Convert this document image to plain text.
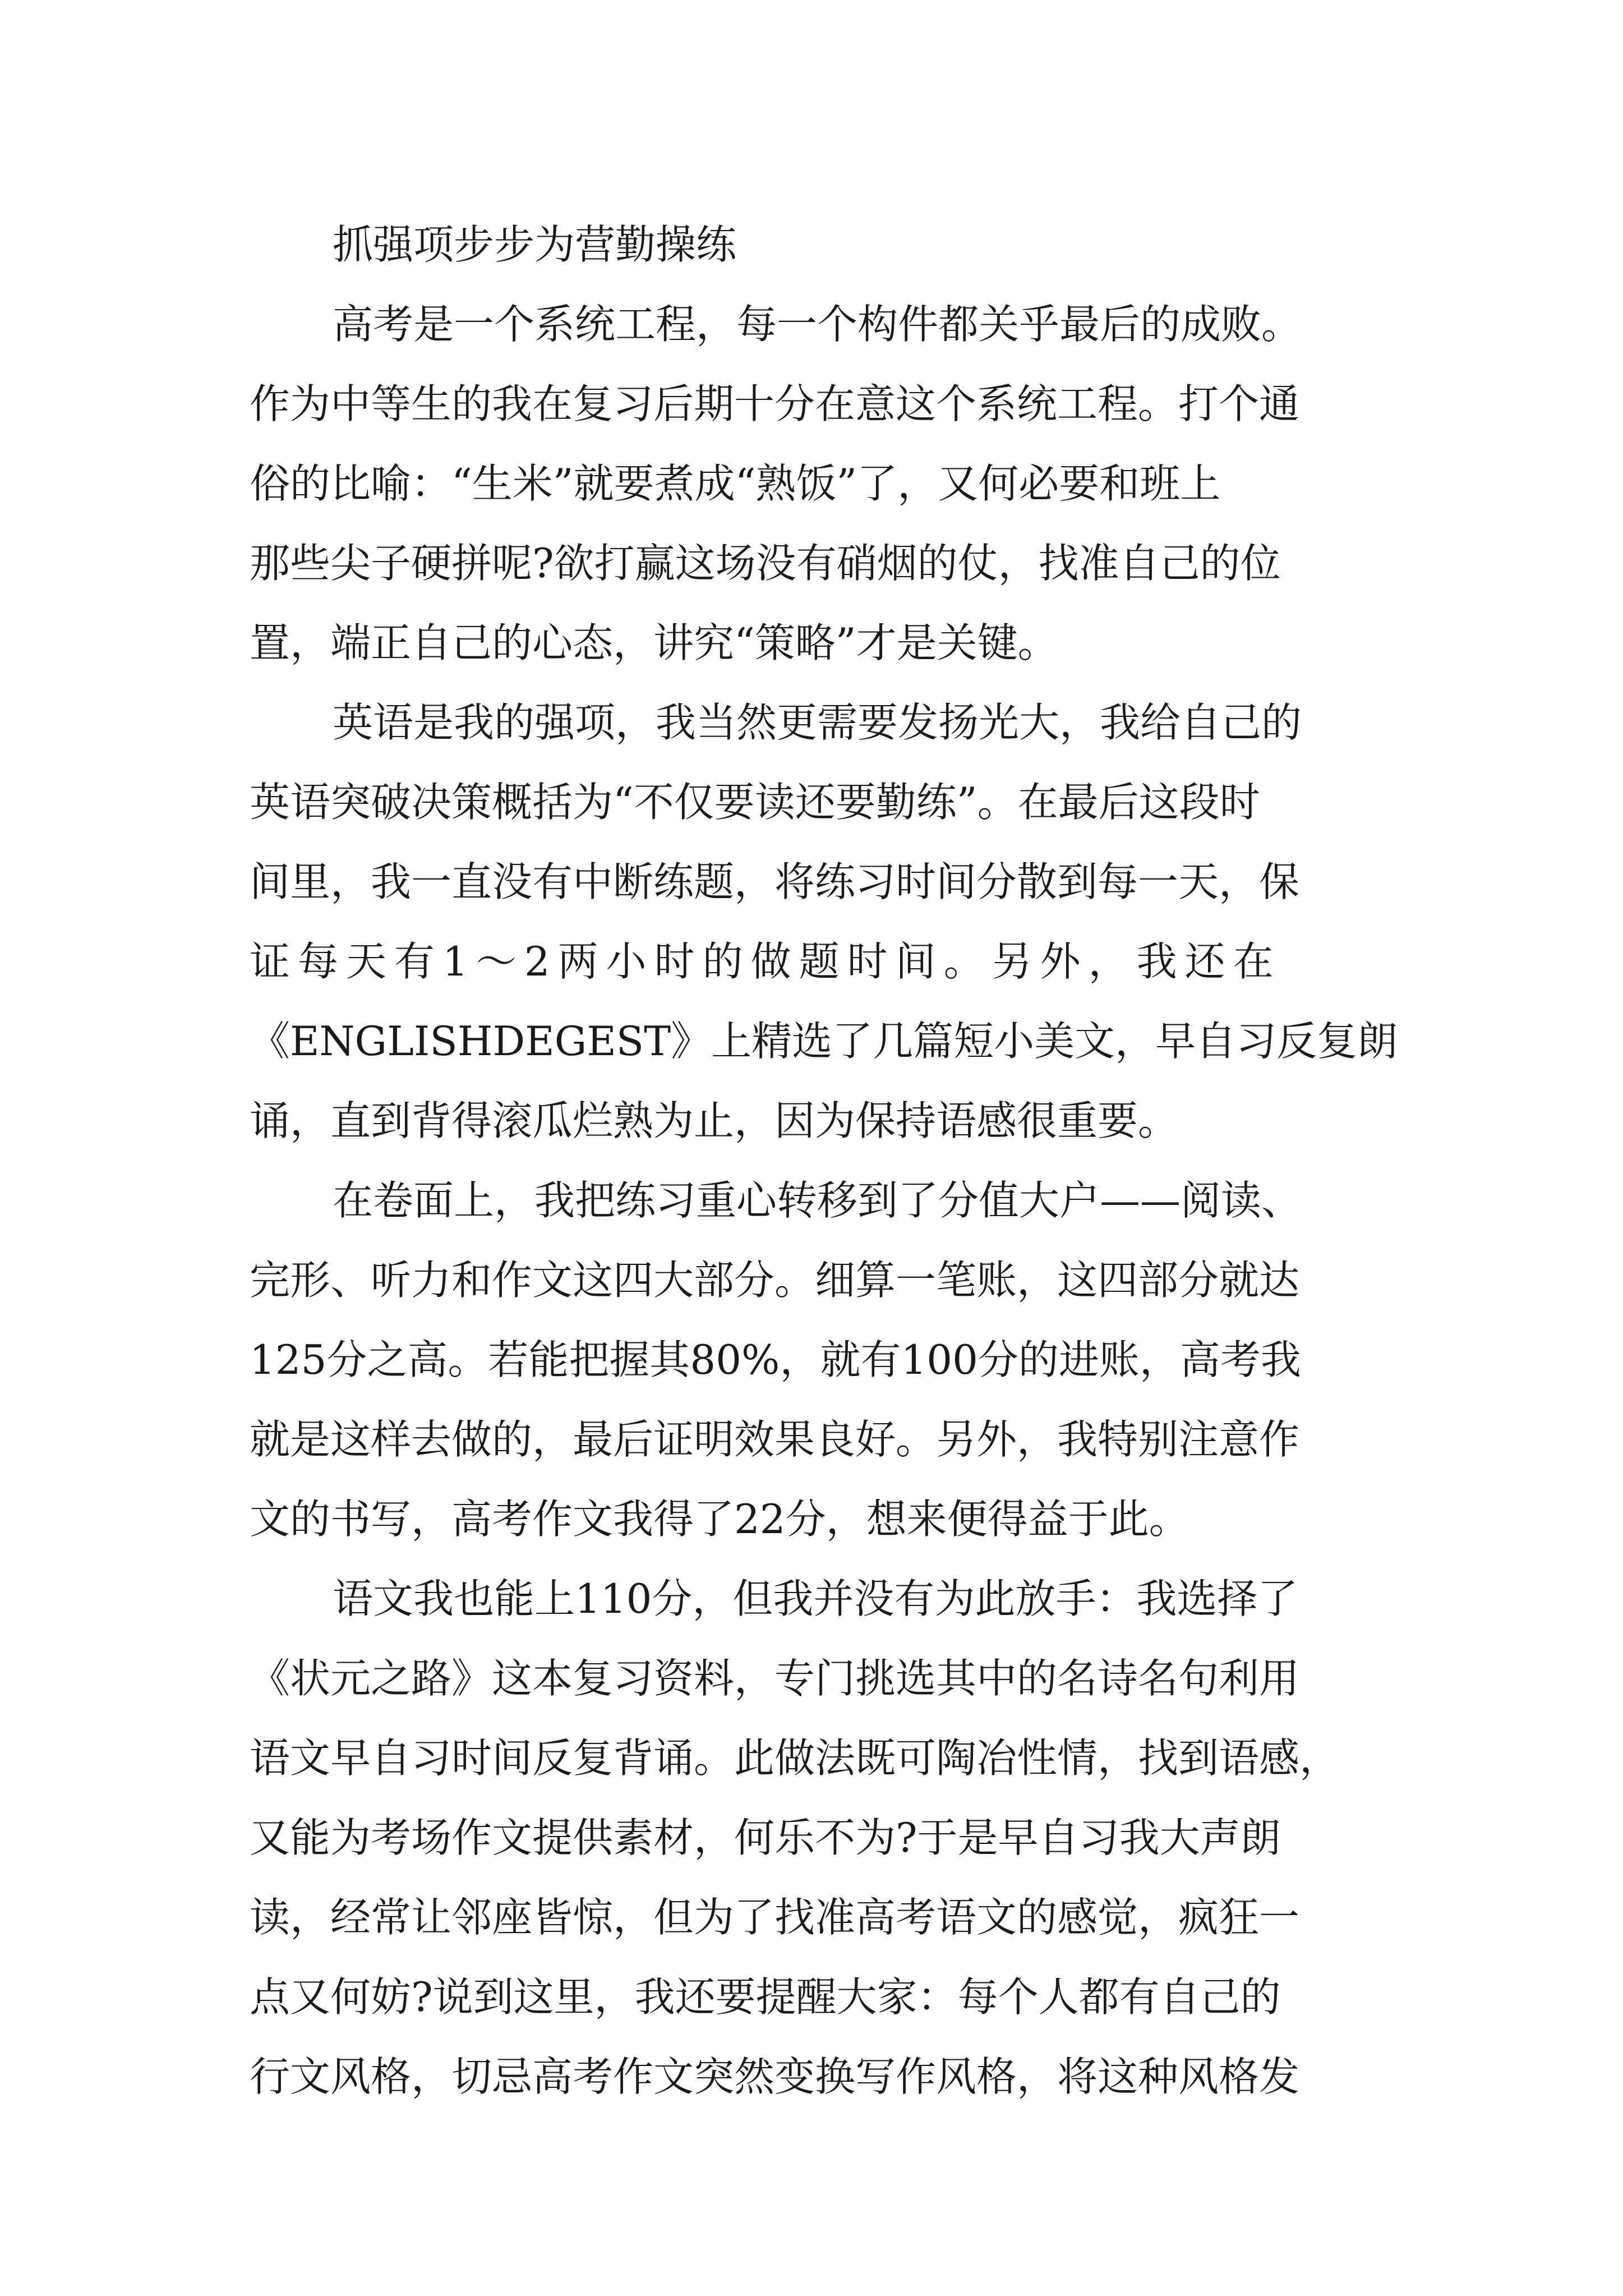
抓强项步步为营勤操练
高考是一个系统工程，每一个构件都关乎最后的成败。
作为中等生的我在复习后期十分在意这个系统工程。打个通
俗的比喻：“生米”就要煮成“熟饭”了，又何必要和班上
那些尖子硬拼呢?欲打赢这场没有硝烟的仗，找准自己的位
置，端正自己的心态，讲究“策略”才是关键。
英语是我的强项，我当然更需要发扬光大，我给自己的
英语突破决策概括为“不仅要读还要勤练”。在最后这段时
间里，我一直没有中断练题，将练习时间分散到每一天，保
证每天有1～2两小时的做题时间。另外，我还在
《ENGLISHDEGEST》上精选了几篇短小美文，早自习反复朗
诵，直到背得滚瓜烂熟为止，因为保持语感很重要。
在卷面上，我把练习重心转移到了分值大户——阅读、
完形、听力和作文这四大部分。细算一笔账，这四部分就达
125分之高。若能把握其80%，就有100分的进账，高考我
就是这样去做的，最后证明效果良好。另外，我特别注意作
文的书写，高考作文我得了22分，想来便得益于此。
语文我也能上110分，但我并没有为此放手：我选择了
《状元之路》这本复习资料，专门挑选其中的名诗名句利用
语文早自习时间反复背诵。此做法既可陶冶性情，找到语感，
又能为考场作文提供素材，何乐不为?于是早自习我大声朗
读，经常让邻座皆惊，但为了找准高考语文的感觉，疯狂一
点又何妨?说到这里，我还要提醒大家：每个人都有自己的
行文风格，切忌高考作文突然变换写作风格，将这种风格发
